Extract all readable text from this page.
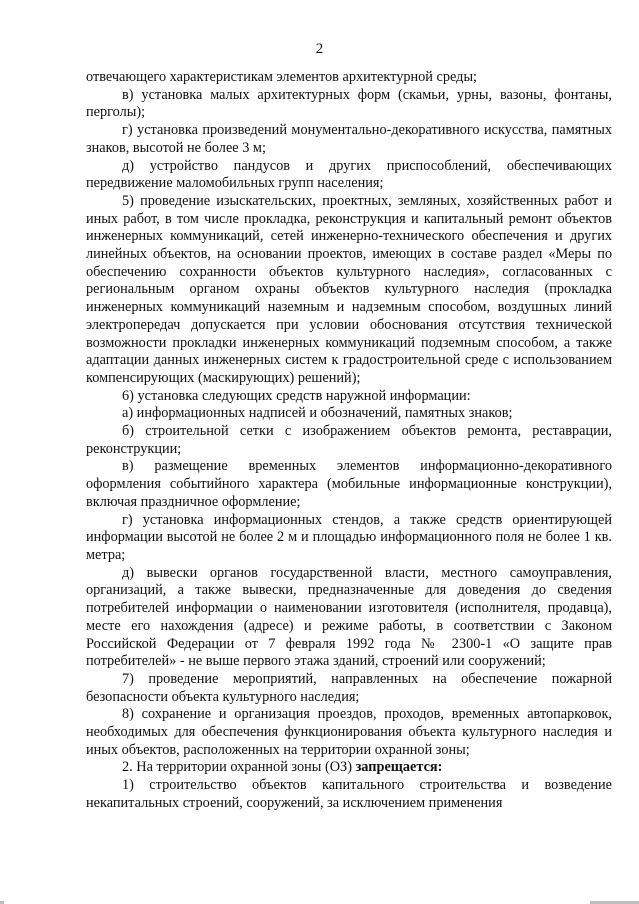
2

отвечающего характеристикам элементов архитектурной среды;

в) установка малых архитектурных форм (скамьи, урны, вазоны, фонтаны, перголы);

г) установка произведений монументально-декоративного искусства, памятных знаков, высотой не более 3 м;

д) устройство пандусов и других приспособлений, обеспечивающих передвижение маломобильных групп населения;

5) проведение изыскательских, проектных, земляных, хозяйственных работ и иных работ, в том числе прокладка, реконструкция и капитальный ремонт объектов инженерных коммуникаций, сетей инженерно-технического обеспечения и других линейных объектов, на основании проектов, имеющих в составе раздел «Меры по обеспечению сохранности объектов культурного наследия», согласованных с региональным органом охраны объектов культурного наследия (прокладка инженерных коммуникаций наземным и надземным способом, воздушных линий электропередач допускается при условии обоснования отсутствия технической возможности прокладки инженерных коммуникаций подземным способом, а также адаптации данных инженерных систем к градостроительной среде с использованием компенсирующих (маскирующих) решений);

6) установка следующих средств наружной информации:

а) информационных надписей и обозначений, памятных знаков;

б) строительной сетки с изображением объектов ремонта, реставрации, реконструкции;

в) размещение временных элементов информационно-декоративного оформления событийного характера (мобильные информационные конструкции), включая праздничное оформление;

г) установка информационных стендов, а также средств ориентирующей информации высотой не более 2 м и площадью информационного поля не более 1 кв. метра;

д) вывески органов государственной власти, местного самоуправления, организаций, а также вывески, предназначенные для доведения до сведения потребителей информации о наименовании изготовителя (исполнителя, продавца), месте его нахождения (адресе) и режиме работы, в соответствии с Законом Российской Федерации от 7 февраля 1992 года № 2300-1 «О защите прав потребителей» - не выше первого этажа зданий, строений или сооружений;

7) проведение мероприятий, направленных на обеспечение пожарной безопасности объекта культурного наследия;

8) сохранение и организация проездов, проходов, временных автопарковок, необходимых для обеспечения функционирования объекта культурного наследия и иных объектов, расположенных на территории охранной зоны;

2. На территории охранной зоны (ОЗ) запрещается:

1) строительство объектов капитального строительства и возведение некапитальных строений, сооружений, за исключением применения
